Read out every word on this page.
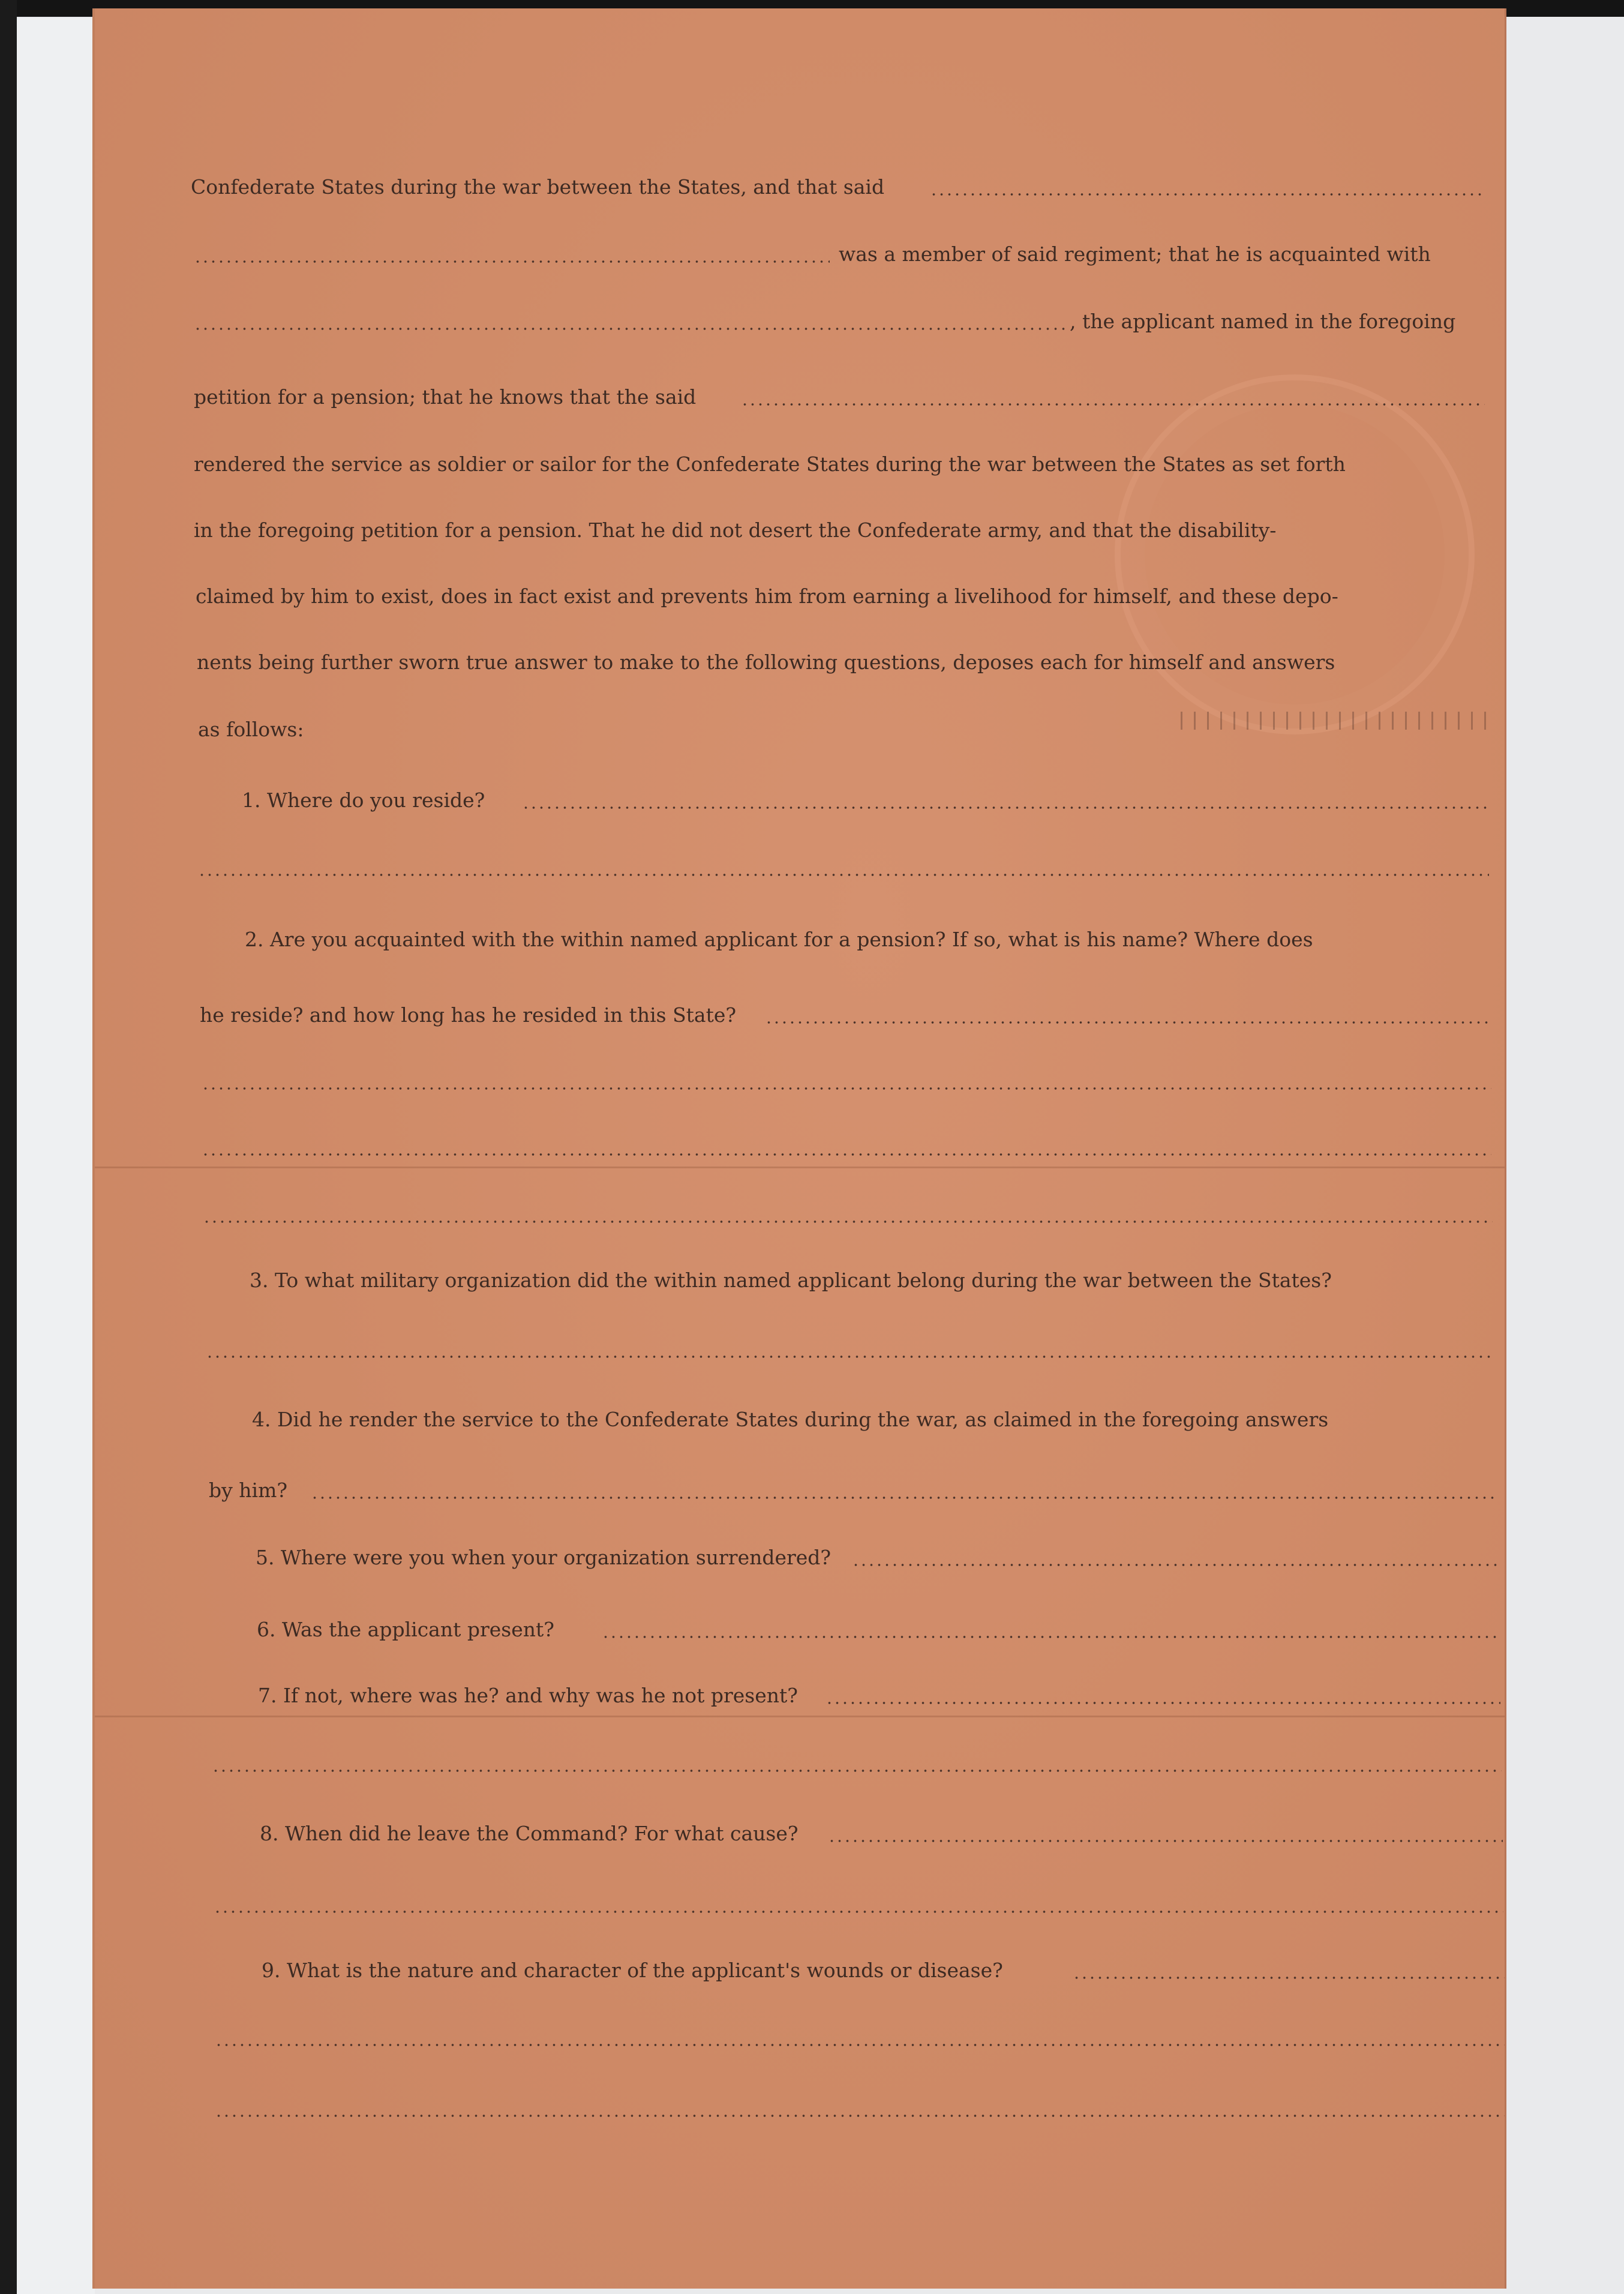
Confederate States during the war between the States, and that said
was a member of said regiment; that he is acquainted with
, the applicant named in the foregoing
petition for a pension; that he knows that the said
rendered the service as soldier or sailor for the Confederate States during the war between the States as set forth
in the foregoing petition for a pension. That he did not desert the Confederate army, and that the disability-
claimed by him to exist, does in fact exist and prevents him from earning a livelihood for himself, and these depo-
nents being further sworn true answer to make to the following questions, deposes each for himself and answers
as follows:
1. Where do you reside?
2. Are you acquainted with the within named applicant for a pension? If so, what is his name? Where does
he reside? and how long has he resided in this State?
3. To what military organization did the within named applicant belong during the war between the States?
4. Did he render the service to the Confederate States during the war, as claimed in the foregoing answers
by him?
5. Where were you when your organization surrendered?
6. Was the applicant present?
7. If not, where was he? and why was he not present?
8. When did he leave the Command? For what cause?
9. What is the nature and character of the applicant's wounds or disease?
